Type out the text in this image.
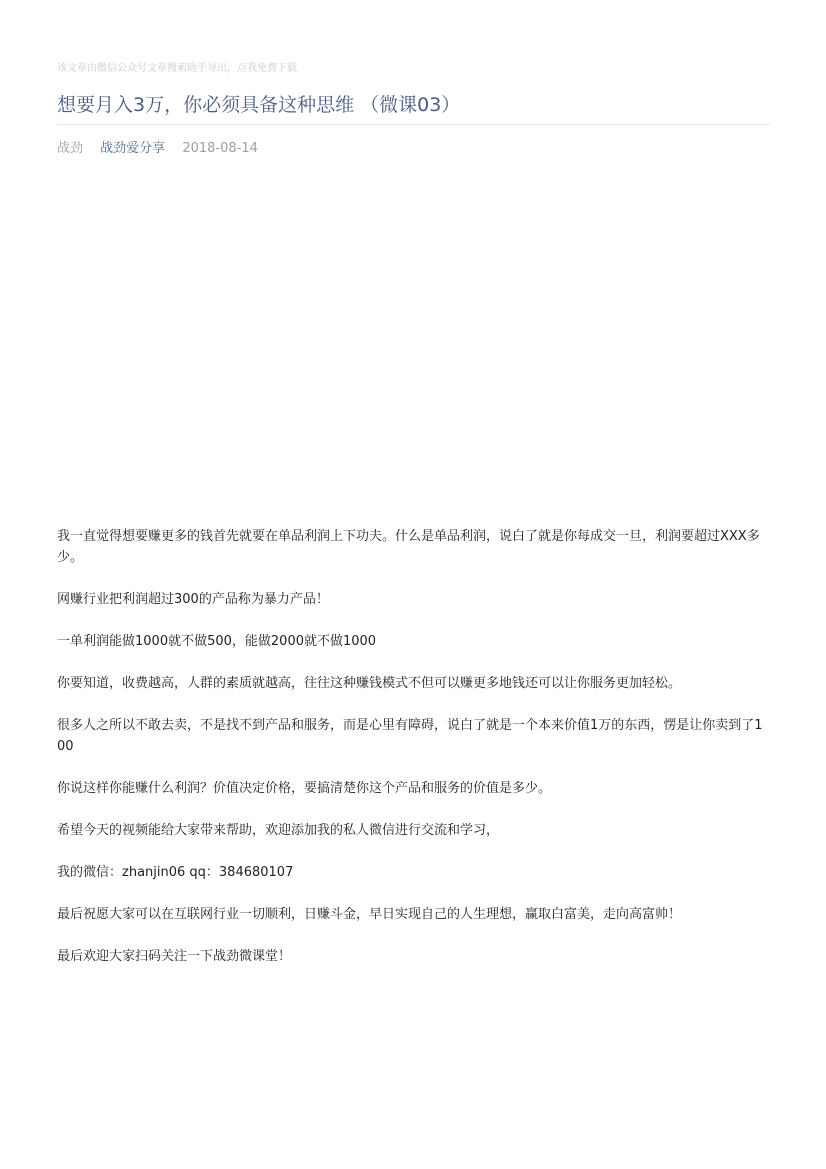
该文章由微信公众号文章搜索助手导出，点我免费下载
想要月入3万，你必须具备这种思维 （微课03）
战劲 战劲爱分享 2018-08-14

我一直觉得想要赚更多的钱首先就要在单品利润上下功夫。什么是单品利润，说白了就是你每成交一旦，利润要超过XXX多少。

网赚行业把利润超过300的产品称为暴力产品！

一单利润能做1000就不做500，能做2000就不做1000

你要知道，收费越高，人群的素质就越高，往往这种赚钱模式不但可以赚更多地钱还可以让你服务更加轻松。

很多人之所以不敢去卖，不是找不到产品和服务，而是心里有障碍，说白了就是一个本来价值1万的东西，愣是让你卖到了100

你说这样你能赚什么利润？价值决定价格，要搞清楚你这个产品和服务的价值是多少。

希望今天的视频能给大家带来帮助，欢迎添加我的私人微信进行交流和学习，

我的微信：zhanjin06 qq：384680107

最后祝愿大家可以在互联网行业一切顺利，日赚斗金，早日实现自己的人生理想，赢取白富美，走向高富帅！

最后欢迎大家扫码关注一下战劲微课堂！
